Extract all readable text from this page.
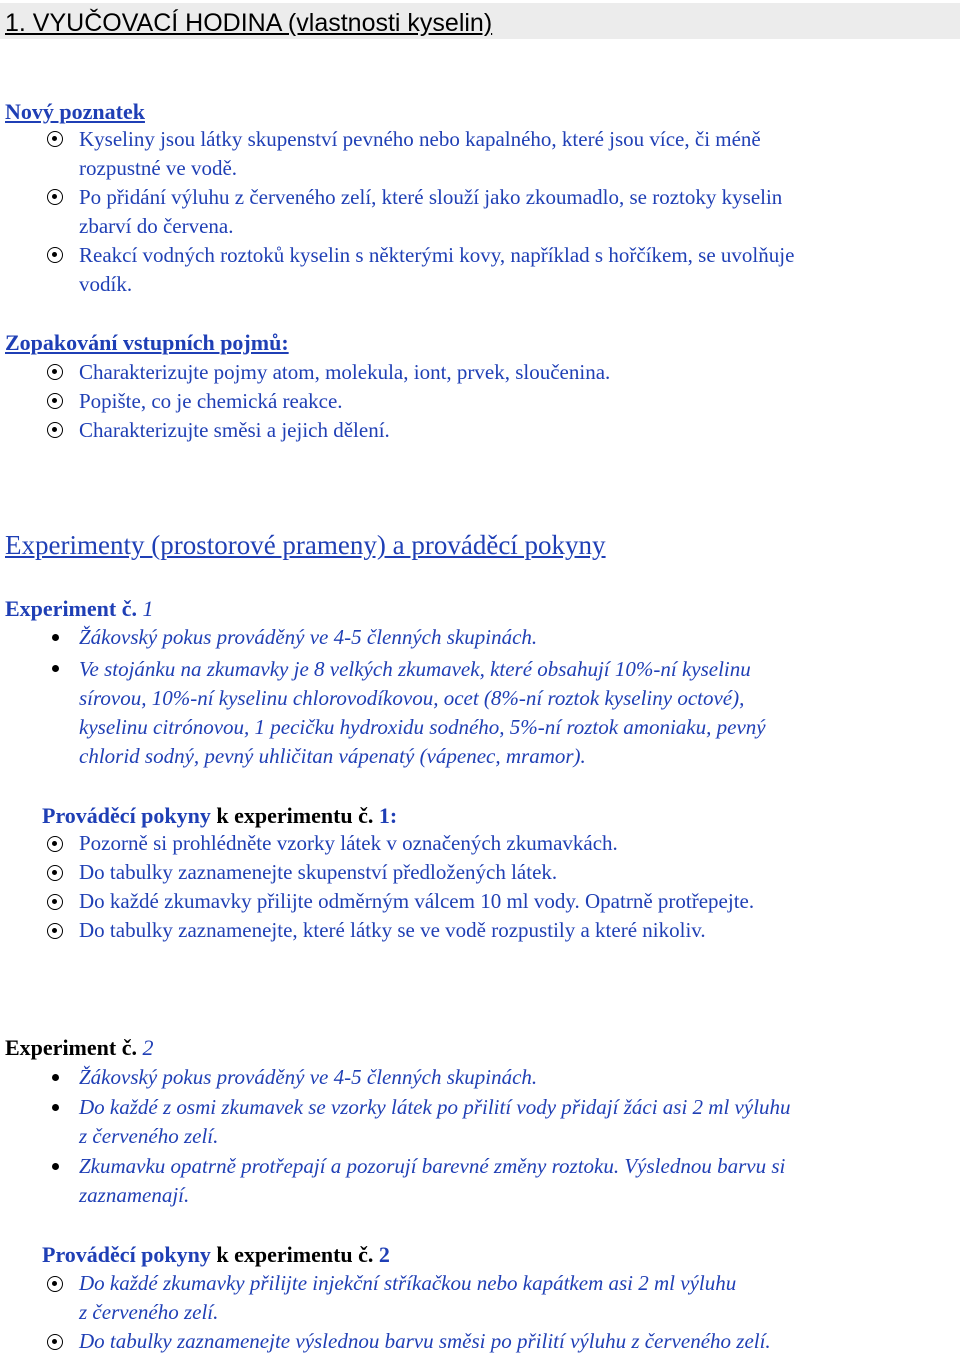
1. VYUČOVACÍ HODINA (vlastnosti kyselin)
Nový poznatek
Kyseliny jsou látky skupenství pevného nebo kapalného, které jsou více, či méně
rozpustné ve vodě.
Po přidání výluhu z červeného zelí, které slouží jako zkoumadlo, se roztoky kyselin
zbarví do červena.
Reakcí vodných roztoků kyselin s některými kovy, například s hořčíkem, se uvolňuje
vodík.
Zopakování vstupních pojmů:
Charakterizujte pojmy atom, molekula, iont, prvek, sloučenina.
Popište, co je chemická reakce.
Charakterizujte směsi a jejich dělení.
Experimenty (prostorové prameny) a prováděcí pokyny
Experiment č. 1
Žákovský pokus prováděný ve 4-5 členných skupinách.
Ve stojánku na zkumavky je 8 velkých zkumavek, které obsahují 10%-ní kyselinu
sírovou, 10%-ní kyselinu chlorovodíkovou, ocet (8%-ní roztok kyseliny octové),
kyselinu citrónovou, 1 pecičku hydroxidu sodného, 5%-ní roztok amoniaku, pevný
chlorid sodný, pevný uhličitan vápenatý (vápenec, mramor).
Prováděcí pokyny k experimentu č. 1:
Pozorně si prohlédněte vzorky látek v označených zkumavkách.
Do tabulky zaznamenejte skupenství předložených látek.
Do každé zkumavky přilijte odměrným válcem 10 ml vody. Opatrně protřepejte.
Do tabulky zaznamenejte, které látky se ve vodě rozpustily a které nikoliv.
Experiment č. 2
Žákovský pokus prováděný ve 4-5 členných skupinách.
Do každé z osmi zkumavek se vzorky látek po přilití vody přidají žáci asi 2 ml výluhu
z červeného zelí.
Zkumavku opatrně protřepají a pozorují barevné změny roztoku. Výslednou barvu si
zaznamenají.
Prováděcí pokyny k experimentu č. 2
Do každé zkumavky přilijte injekční stříkačkou nebo kapátkem asi 2 ml výluhu
z červeného zelí.
Do tabulky zaznamenejte výslednou barvu směsi po přilití výluhu z červeného zelí.
